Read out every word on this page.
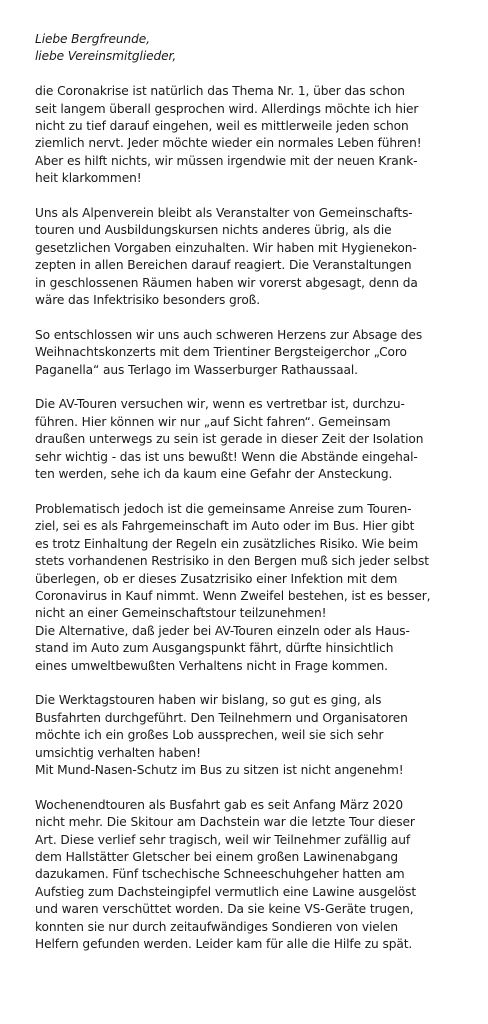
Liebe Bergfreunde,
liebe Vereinsmitglieder,
die Coronakrise ist natürlich das Thema Nr. 1, über das schon
seit langem überall gesprochen wird. Allerdings möchte ich hier
nicht zu tief darauf eingehen, weil es mittlerweile jeden schon
ziemlich nervt. Jeder möchte wieder ein normales Leben führen!
Aber es hilft nichts, wir müssen irgendwie mit der neuen Krank-
heit klarkommen!
Uns als Alpenverein bleibt als Veranstalter von Gemeinschafts-
touren und Ausbildungskursen nichts anderes übrig, als die
gesetzlichen Vorgaben einzuhalten. Wir haben mit Hygienekon-
zepten in allen Bereichen darauf reagiert. Die Veranstaltungen
in geschlossenen Räumen haben wir vorerst abgesagt, denn da
wäre das Infektrisiko besonders groß.
So entschlossen wir uns auch schweren Herzens zur Absage des
Weihnachtskonzerts mit dem Trientiner Bergsteigerchor „Coro
Paganella“ aus Terlago im Wasserburger Rathaussaal.
Die AV-Touren versuchen wir, wenn es vertretbar ist, durchzu-
führen. Hier können wir nur „auf Sicht fahren“. Gemeinsam
draußen unterwegs zu sein ist gerade in dieser Zeit der Isolation
sehr wichtig - das ist uns bewußt! Wenn die Abstände eingehal-
ten werden, sehe ich da kaum eine Gefahr der Ansteckung.
Problematisch jedoch ist die gemeinsame Anreise zum Touren-
ziel, sei es als Fahrgemeinschaft im Auto oder im Bus. Hier gibt
es trotz Einhaltung der Regeln ein zusätzliches Risiko. Wie beim
stets vorhandenen Restrisiko in den Bergen muß sich jeder selbst
überlegen, ob er dieses Zusatzrisiko einer Infektion mit dem
Coronavirus in Kauf nimmt. Wenn Zweifel bestehen, ist es besser,
nicht an einer Gemeinschaftstour teilzunehmen!
Die Alternative, daß jeder bei AV-Touren einzeln oder als Haus-
stand im Auto zum Ausgangspunkt fährt, dürfte hinsichtlich
eines umweltbewußten Verhaltens nicht in Frage kommen.
Die Werktagstouren haben wir bislang, so gut es ging, als
Busfahrten durchgeführt. Den Teilnehmern und Organisatoren
möchte ich ein großes Lob aussprechen, weil sie sich sehr
umsichtig verhalten haben!
Mit Mund-Nasen-Schutz im Bus zu sitzen ist nicht angenehm!
Wochenendtouren als Busfahrt gab es seit Anfang März 2020
nicht mehr. Die Skitour am Dachstein war die letzte Tour dieser
Art. Diese verlief sehr tragisch, weil wir Teilnehmer zufällig auf
dem Hallstätter Gletscher bei einem großen Lawinenabgang
dazukamen. Fünf tschechische Schneeschuhgeher hatten am
Aufstieg zum Dachsteingipfel vermutlich eine Lawine ausgelöst
und waren verschüttet worden. Da sie keine VS-Geräte trugen,
konnten sie nur durch zeitaufwändiges Sondieren von vielen
Helfern gefunden werden. Leider kam für alle die Hilfe zu spät.
